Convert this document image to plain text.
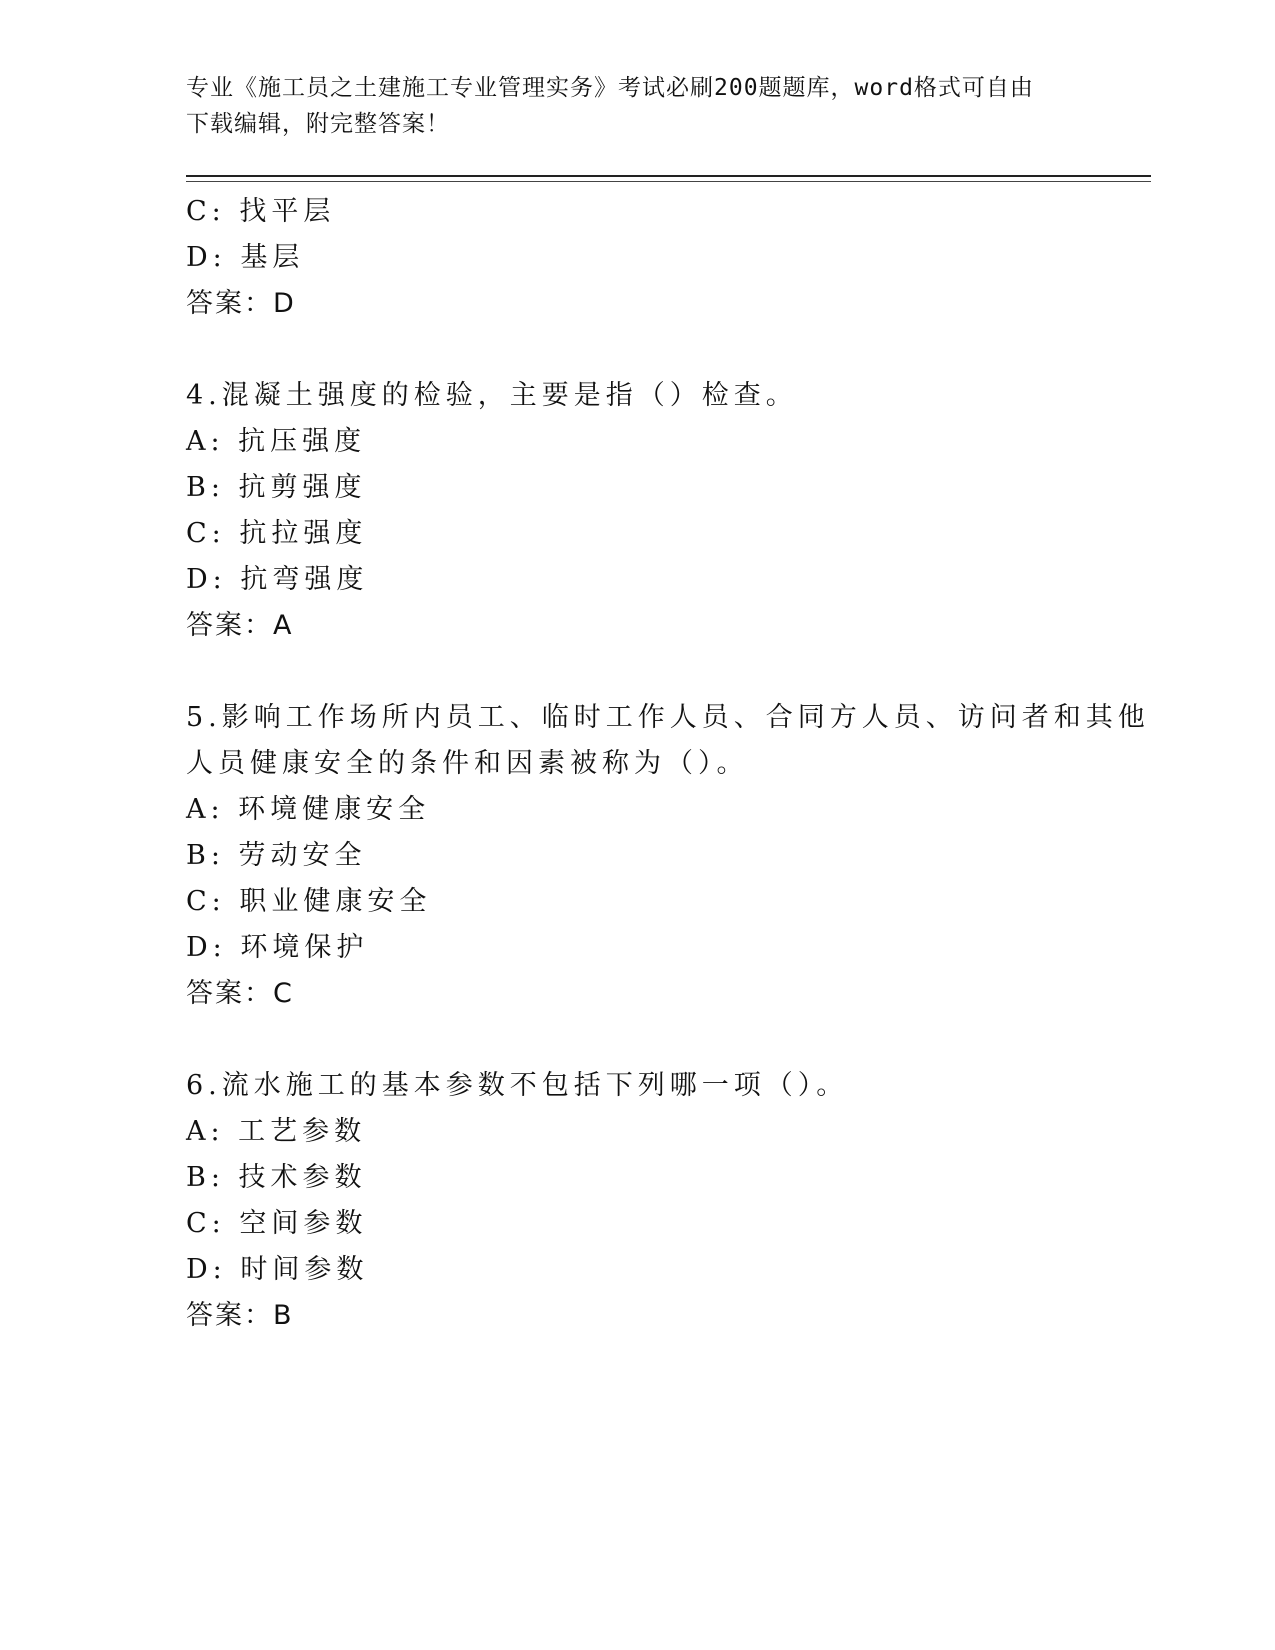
专业《施工员之土建施工专业管理实务》考试必刷200题题库，word格式可自由
下载编辑，附完整答案！
C: 找平层
D: 基层
答案：D
4.混凝土强度的检验，主要是指（）检查。
A: 抗压强度
B: 抗剪强度
C: 抗拉强度
D: 抗弯强度
答案：A
5.影响工作场所内员工、临时工作人员、合同方人员、访问者和其他
人员健康安全的条件和因素被称为（）。
A: 环境健康安全
B: 劳动安全
C: 职业健康安全
D: 环境保护
答案：C
6.流水施工的基本参数不包括下列哪一项（）。
A: 工艺参数
B: 技术参数
C: 空间参数
D: 时间参数
答案：B
